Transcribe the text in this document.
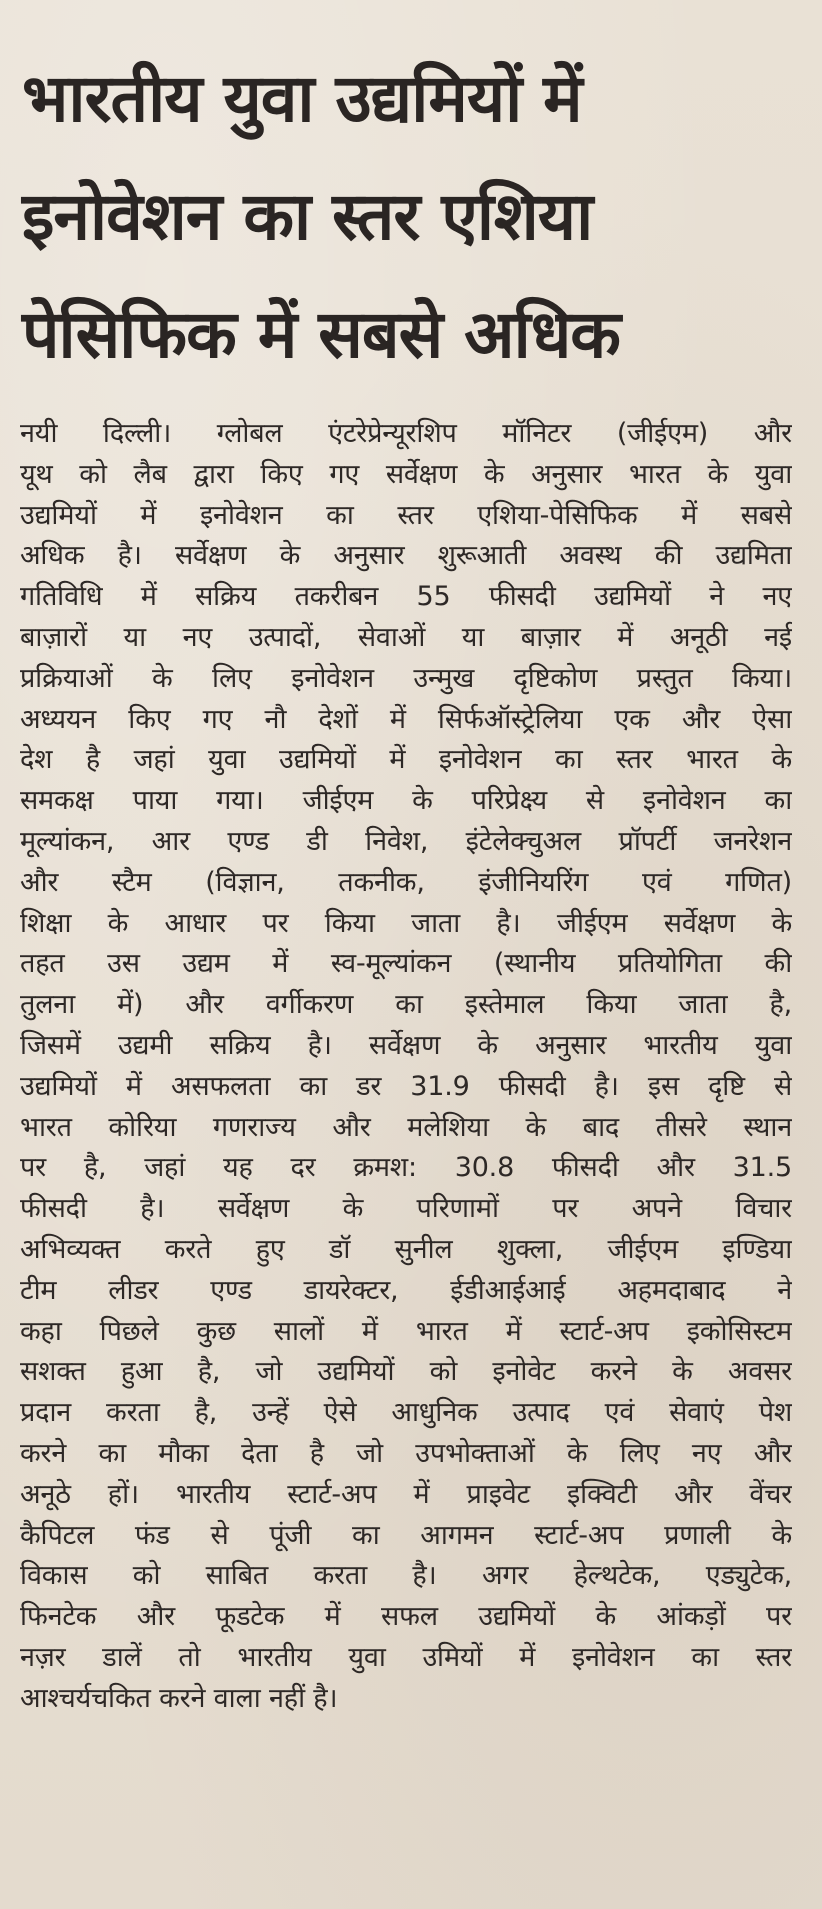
भारतीय युवा उद्यमियों में
इनोवेशन का स्तर एशिया
पेसिफिक में सबसे अधिक
नयी दिल्ली। ग्लोबल एंटरेप्रेन्यूरशिप मॉनिटर (जीईएम) और
यूथ को लैब द्वारा किए गए सर्वेक्षण के अनुसार भारत के युवा
उद्यमियों में इनोवेशन का स्तर एशिया-पेसिफिक में सबसे
अधिक है। सर्वेक्षण के अनुसार शुरूआती अवस्थ की उद्यमिता
गतिविधि में सक्रिय तकरीबन 55 फीसदी उद्यमियों ने नए
बाज़ारों या नए उत्पादों, सेवाओं या बाज़ार में अनूठी नई
प्रक्रियाओं के लिए इनोवेशन उन्मुख दृष्टिकोण प्रस्तुत किया।
अध्ययन किए गए नौ देशों में सिर्फऑस्ट्रेलिया एक और ऐसा
देश है जहां युवा उद्यमियों में इनोवेशन का स्तर भारत के
समकक्ष पाया गया। जीईएम के परिप्रेक्ष्य से इनोवेशन का
मूल्यांकन, आर एण्ड डी निवेश, इंटेलेक्चुअल प्रॉपर्टी जनरेशन
और स्टैम (विज्ञान, तकनीक, इंजीनियरिंग एवं गणित)
शिक्षा के आधार पर किया जाता है। जीईएम सर्वेक्षण के
तहत उस उद्यम में स्व-मूल्यांकन (स्थानीय प्रतियोगिता की
तुलना में) और वर्गीकरण का इस्तेमाल किया जाता है,
जिसमें उद्यमी सक्रिय है। सर्वेक्षण के अनुसार भारतीय युवा
उद्यमियों में असफलता का डर 31.9 फीसदी है। इस दृष्टि से
भारत कोरिया गणराज्य और मलेशिया के बाद तीसरे स्थान
पर है, जहां यह दर क्रमश: 30.8 फीसदी और 31.5
फीसदी है। सर्वेक्षण के परिणामों पर अपने विचार
अभिव्यक्त करते हुए डॉ सुनील शुक्ला, जीईएम इण्डिया
टीम लीडर एण्ड डायरेक्टर, ईडीआईआई अहमदाबाद ने
कहा पिछले कुछ सालों में भारत में स्टार्ट-अप इकोसिस्टम
सशक्त हुआ है, जो उद्यमियों को इनोवेट करने के अवसर
प्रदान करता है, उन्हें ऐसे आधुनिक उत्पाद एवं सेवाएं पेश
करने का मौका देता है जो उपभोक्ताओं के लिए नए और
अनूठे हों। भारतीय स्टार्ट-अप में प्राइवेट इक्विटी और वेंचर
कैपिटल फंड से पूंजी का आगमन स्टार्ट-अप प्रणाली के
विकास को साबित करता है। अगर हेल्थटेक, एड्युटेक,
फिनटेक और फूडटेक में सफल उद्यमियों के आंकड़ों पर
नज़र डालें तो भारतीय युवा उमियों में इनोवेशन का स्तर
आश्चर्यचकित करने वाला नहीं है।
